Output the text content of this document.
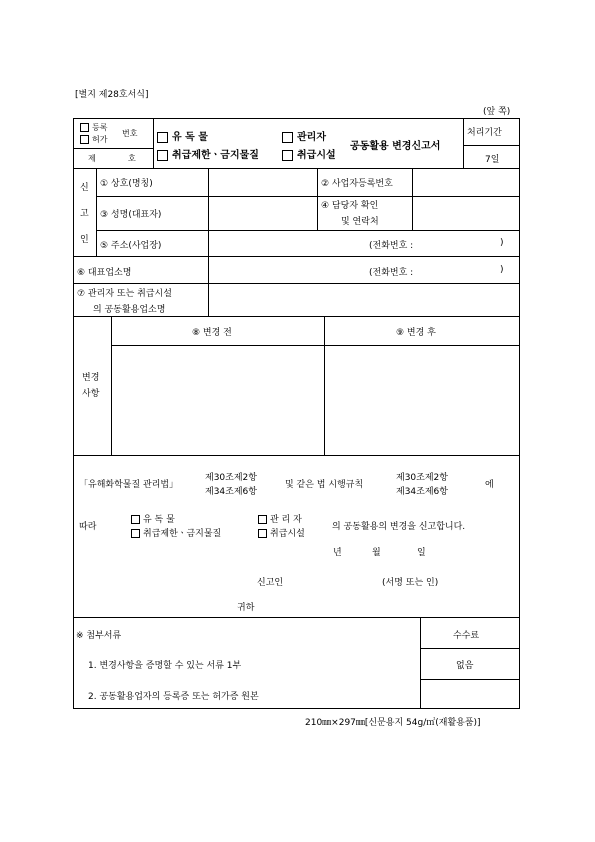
[별지 제28호서식]
(앞 쪽)
등록
허가
번호
제	호
유 독 물
취급제한ㆍ금지물질
관리자
취급시설
공동활용 변경신고서
처리기간
7일
신
고
인
① 상호(명칭)	② 사업자등록번호
③ 성명(대표자)
④ 담당자 확인
및 연락처
⑤ 주소(사업장)	(전화번호 :	)
⑥ 대표업소명	(전화번호 :	)
⑦ 관리자 또는 취급시설
의 공동활용업소명
변경
사항
⑧ 변경 전	⑨ 변경 후
「유해화학물질 관리법」
제30조제2항
제34조제6항
및 같은 법 시행규칙
제30조제2항
제34조제6항
에
따라
유 독 물
취급제한ㆍ금지물질
관 리 자
취급시설
의 공동활용의 변경을 신고합니다.
년	월	일
신고인	(서명 또는 인)
귀하
※ 첨부서류
1. 변경사항을 증명할 수 있는 서류 1부
2. 공동활용업자의 등록증 또는 허가증 원본
수수료
없음
210㎜×297㎜[신문용지 54g/㎡(재활용품)]
